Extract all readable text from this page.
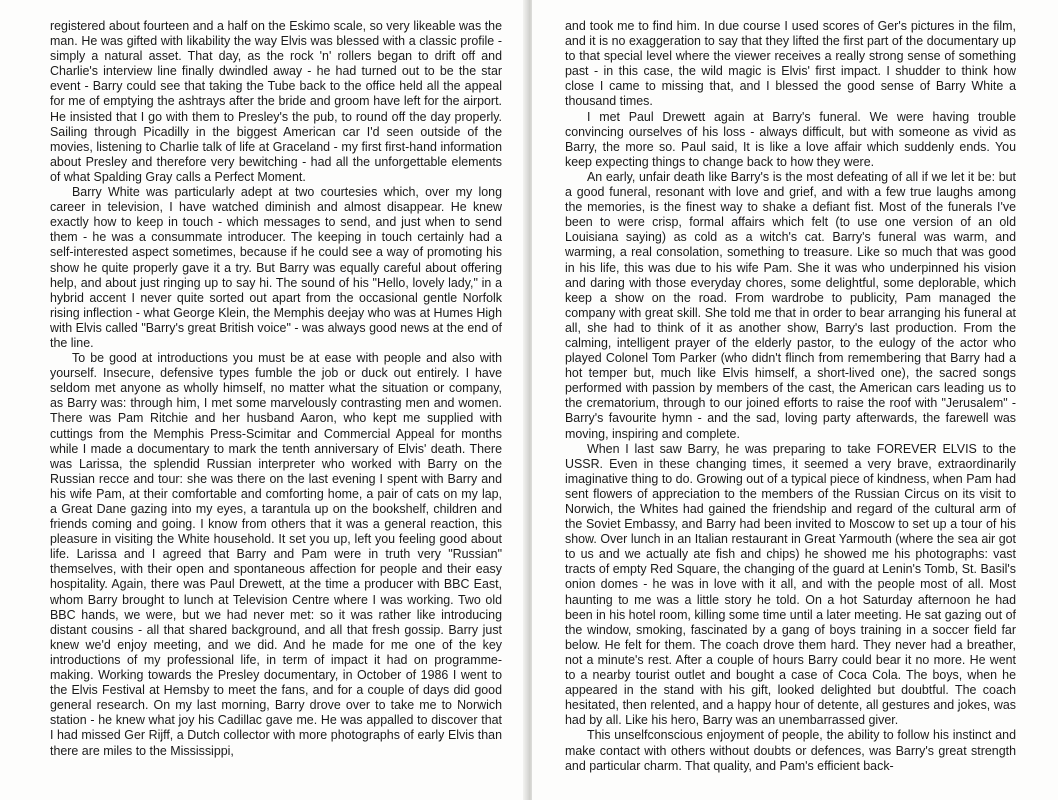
registered about fourteen and a half on the Eskimo scale, so very likeable was the man. He was gifted with likability the way Elvis was blessed with a classic profile - simply a natural asset. That day, as the rock 'n' rollers began to drift off and Charlie's interview line finally dwindled away - he had turned out to be the star event - Barry could see that taking the Tube back to the office held all the appeal for me of emptying the ashtrays after the bride and groom have left for the airport. He insisted that I go with them to Presley's the pub, to round off the day properly. Sailing through Picadilly in the biggest American car I'd seen outside of the movies, listening to Charlie talk of life at Graceland - my first first-hand information about Presley and therefore very bewitching - had all the unforgettable elements of what Spalding Gray calls a Perfect Moment.

Barry White was particularly adept at two courtesies which, over my long career in television, I have watched diminish and almost disappear. He knew exactly how to keep in touch - which messages to send, and just when to send them - he was a consummate introducer. The keeping in touch certainly had a self-interested aspect sometimes, because if he could see a way of promoting his show he quite properly gave it a try. But Barry was equally careful about offering help, and about just ringing up to say hi. The sound of his "Hello, lovely lady," in a hybrid accent I never quite sorted out apart from the occasional gentle Norfolk rising inflection - what George Klein, the Memphis deejay who was at Humes High with Elvis called "Barry's great British voice" - was always good news at the end of the line.

To be good at introductions you must be at ease with people and also with yourself. Insecure, defensive types fumble the job or duck out entirely. I have seldom met anyone as wholly himself, no matter what the situation or company, as Barry was: through him, I met some marvelously contrasting men and women. There was Pam Ritchie and her husband Aaron, who kept me supplied with cuttings from the Memphis Press-Scimitar and Commercial Appeal for months while I made a documentary to mark the tenth anniversary of Elvis' death. There was Larissa, the splendid Russian interpreter who worked with Barry on the Russian recce and tour: she was there on the last evening I spent with Barry and his wife Pam, at their comfortable and comforting home, a pair of cats on my lap, a Great Dane gazing into my eyes, a tarantula up on the bookshelf, children and friends coming and going. I know from others that it was a general reaction, this pleasure in visiting the White household. It set you up, left you feeling good about life. Larissa and I agreed that Barry and Pam were in truth very "Russian" themselves, with their open and spontaneous affection for people and their easy hospitality. Again, there was Paul Drewett, at the time a producer with BBC East, whom Barry brought to lunch at Television Centre where I was working. Two old BBC hands, we were, but we had never met: so it was rather like introducing distant cousins - all that shared background, and all that fresh gossip. Barry just knew we'd enjoy meeting, and we did. And he made for me one of the key introductions of my professional life, in term of impact it had on programme-making. Working towards the Presley documentary, in October of 1986 I went to the Elvis Festival at Hemsby to meet the fans, and for a couple of days did good general research. On my last morning, Barry drove over to take me to Norwich station - he knew what joy his Cadillac gave me. He was appalled to discover that I had missed Ger Rijff, a Dutch collector with more photographs of early Elvis than there are miles to the Mississippi,

and took me to find him. In due course I used scores of Ger's pictures in the film, and it is no exaggeration to say that they lifted the first part of the documentary up to that special level where the viewer receives a really strong sense of something past - in this case, the wild magic is Elvis' first impact. I shudder to think how close I came to missing that, and I blessed the good sense of Barry White a thousand times.

I met Paul Drewett again at Barry's funeral. We were having trouble convincing ourselves of his loss - always difficult, but with someone as vivid as Barry, the more so. Paul said, It is like a love affair which suddenly ends. You keep expecting things to change back to how they were.

An early, unfair death like Barry's is the most defeating of all if we let it be: but a good funeral, resonant with love and grief, and with a few true laughs among the memories, is the finest way to shake a defiant fist. Most of the funerals I've been to were crisp, formal affairs which felt (to use one version of an old Louisiana saying) as cold as a witch's cat. Barry's funeral was warm, and warming, a real consolation, something to treasure. Like so much that was good in his life, this was due to his wife Pam. She it was who underpinned his vision and daring with those everyday chores, some delightful, some deplorable, which keep a show on the road. From wardrobe to publicity, Pam managed the company with great skill. She told me that in order to bear arranging his funeral at all, she had to think of it as another show, Barry's last production. From the calming, intelligent prayer of the elderly pastor, to the eulogy of the actor who played Colonel Tom Parker (who didn't flinch from remembering that Barry had a hot temper but, much like Elvis himself, a short-lived one), the sacred songs performed with passion by members of the cast, the American cars leading us to the crematorium, through to our joined efforts to raise the roof with "Jerusalem" - Barry's favourite hymn - and the sad, loving party afterwards, the farewell was moving, inspiring and complete.

When I last saw Barry, he was preparing to take FOREVER ELVIS to the USSR. Even in these changing times, it seemed a very brave, extraordinarily imaginative thing to do. Growing out of a typical piece of kindness, when Pam had sent flowers of appreciation to the members of the Russian Circus on its visit to Norwich, the Whites had gained the friendship and regard of the cultural arm of the Soviet Embassy, and Barry had been invited to Moscow to set up a tour of his show. Over lunch in an Italian restaurant in Great Yarmouth (where the sea air got to us and we actually ate fish and chips) he showed me his photographs: vast tracts of empty Red Square, the changing of the guard at Lenin's Tomb, St. Basil's onion domes - he was in love with it all, and with the people most of all. Most haunting to me was a little story he told. On a hot Saturday afternoon he had been in his hotel room, killing some time until a later meeting. He sat gazing out of the window, smoking, fascinated by a gang of boys training in a soccer field far below. He felt for them. The coach drove them hard. They never had a breather, not a minute's rest. After a couple of hours Barry could bear it no more. He went to a nearby tourist outlet and bought a case of Coca Cola. The boys, when he appeared in the stand with his gift, looked delighted but doubtful. The coach hesitated, then relented, and a happy hour of detente, all gestures and jokes, was had by all. Like his hero, Barry was an unembarrassed giver.

This unselfconscious enjoyment of people, the ability to follow his instinct and make contact with others without doubts or defences, was Barry's great strength and particular charm. That quality, and Pam's efficient back-
